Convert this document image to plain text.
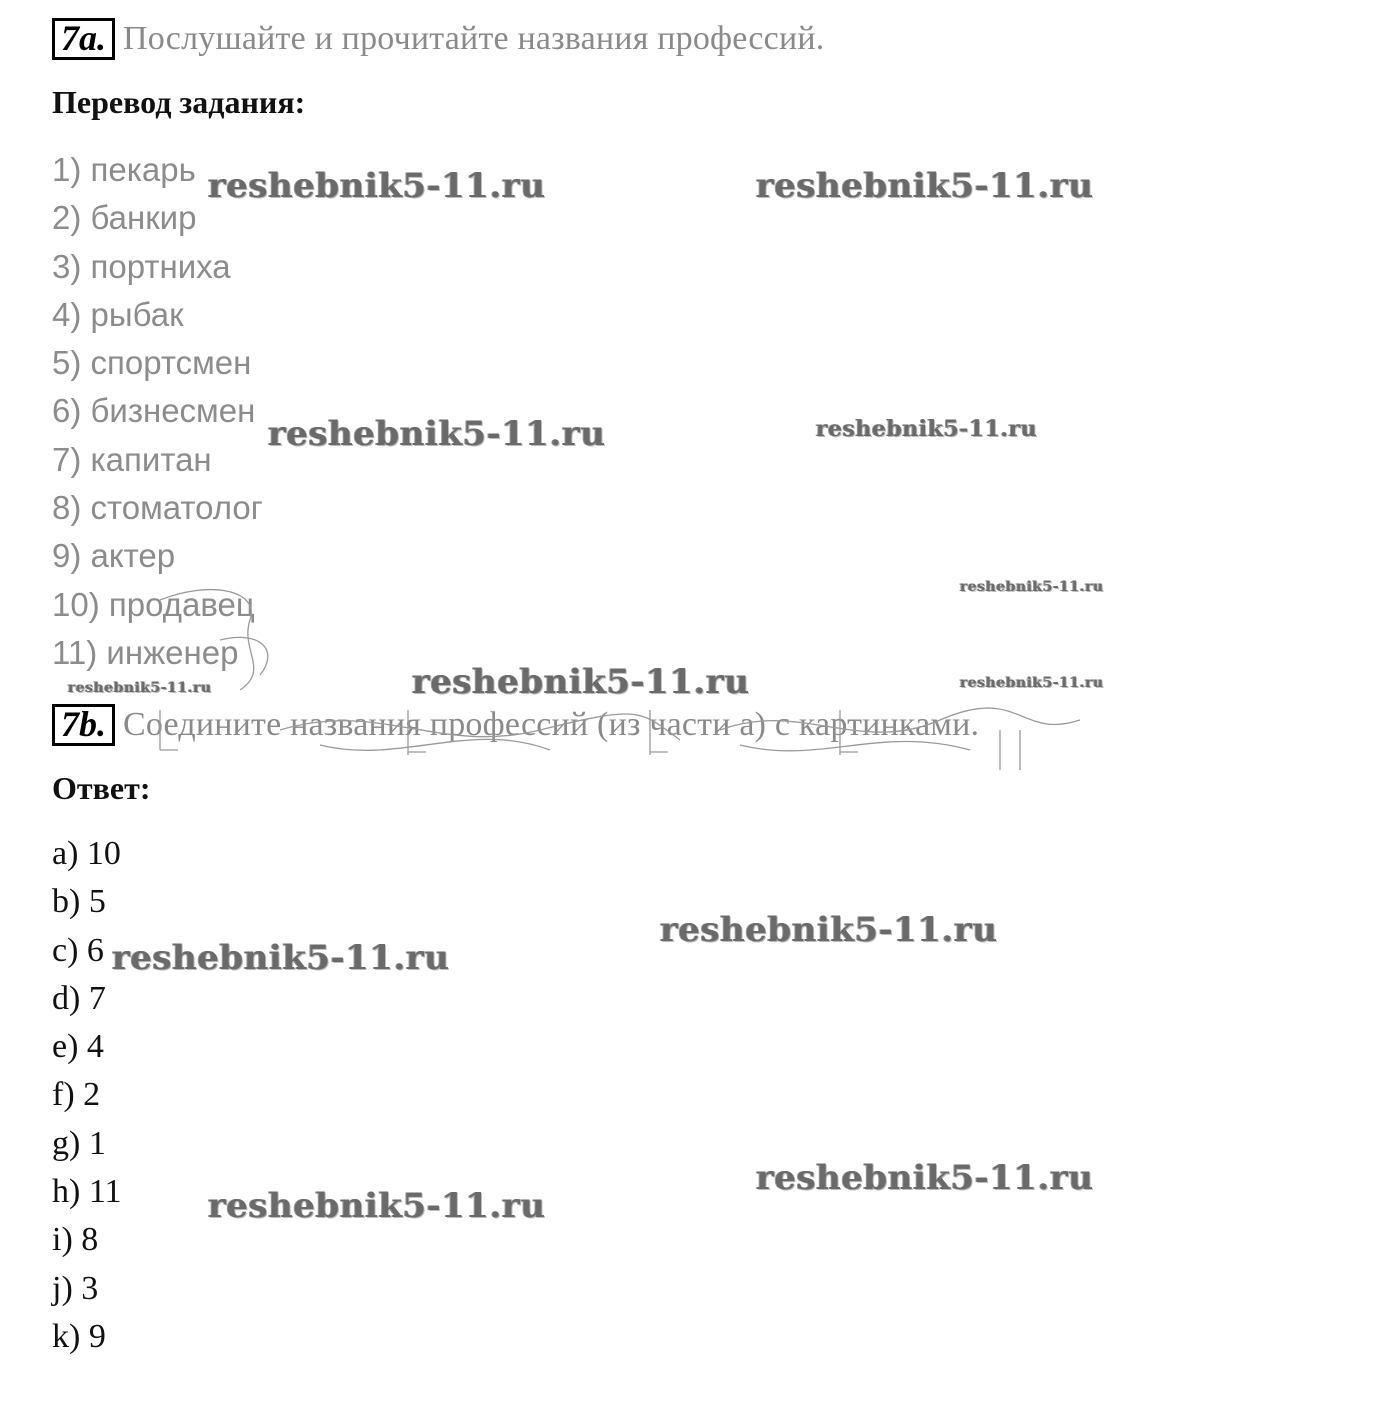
7a. Послушайте и прочитайте названия профессий.
Перевод задания:
1) пекарь
2) банкир
3) портниха
4) рыбак
5) спортсмен
6) бизнесмен
7) капитан
8) стоматолог
9) актер
10) продавец
11) инженер
7b. Соедините названия профессий (из части а) с картинками.
Ответ:
a) 10
b) 5
c) 6
d) 7
e) 4
f) 2
g) 1
h) 11
i) 8
j) 3
k) 9
reshebnik5-11.ru	reshebnik5-11.ru
reshebnik5-11.ru	reshebnik5-11.ru
reshebnik5-11.ru
reshebnik5-11.ru	reshebnik5-11.ru	reshebnik5-11.ru
reshebnik5-11.ru
reshebnik5-11.ru
reshebnik5-11.ru
reshebnik5-11.ru
